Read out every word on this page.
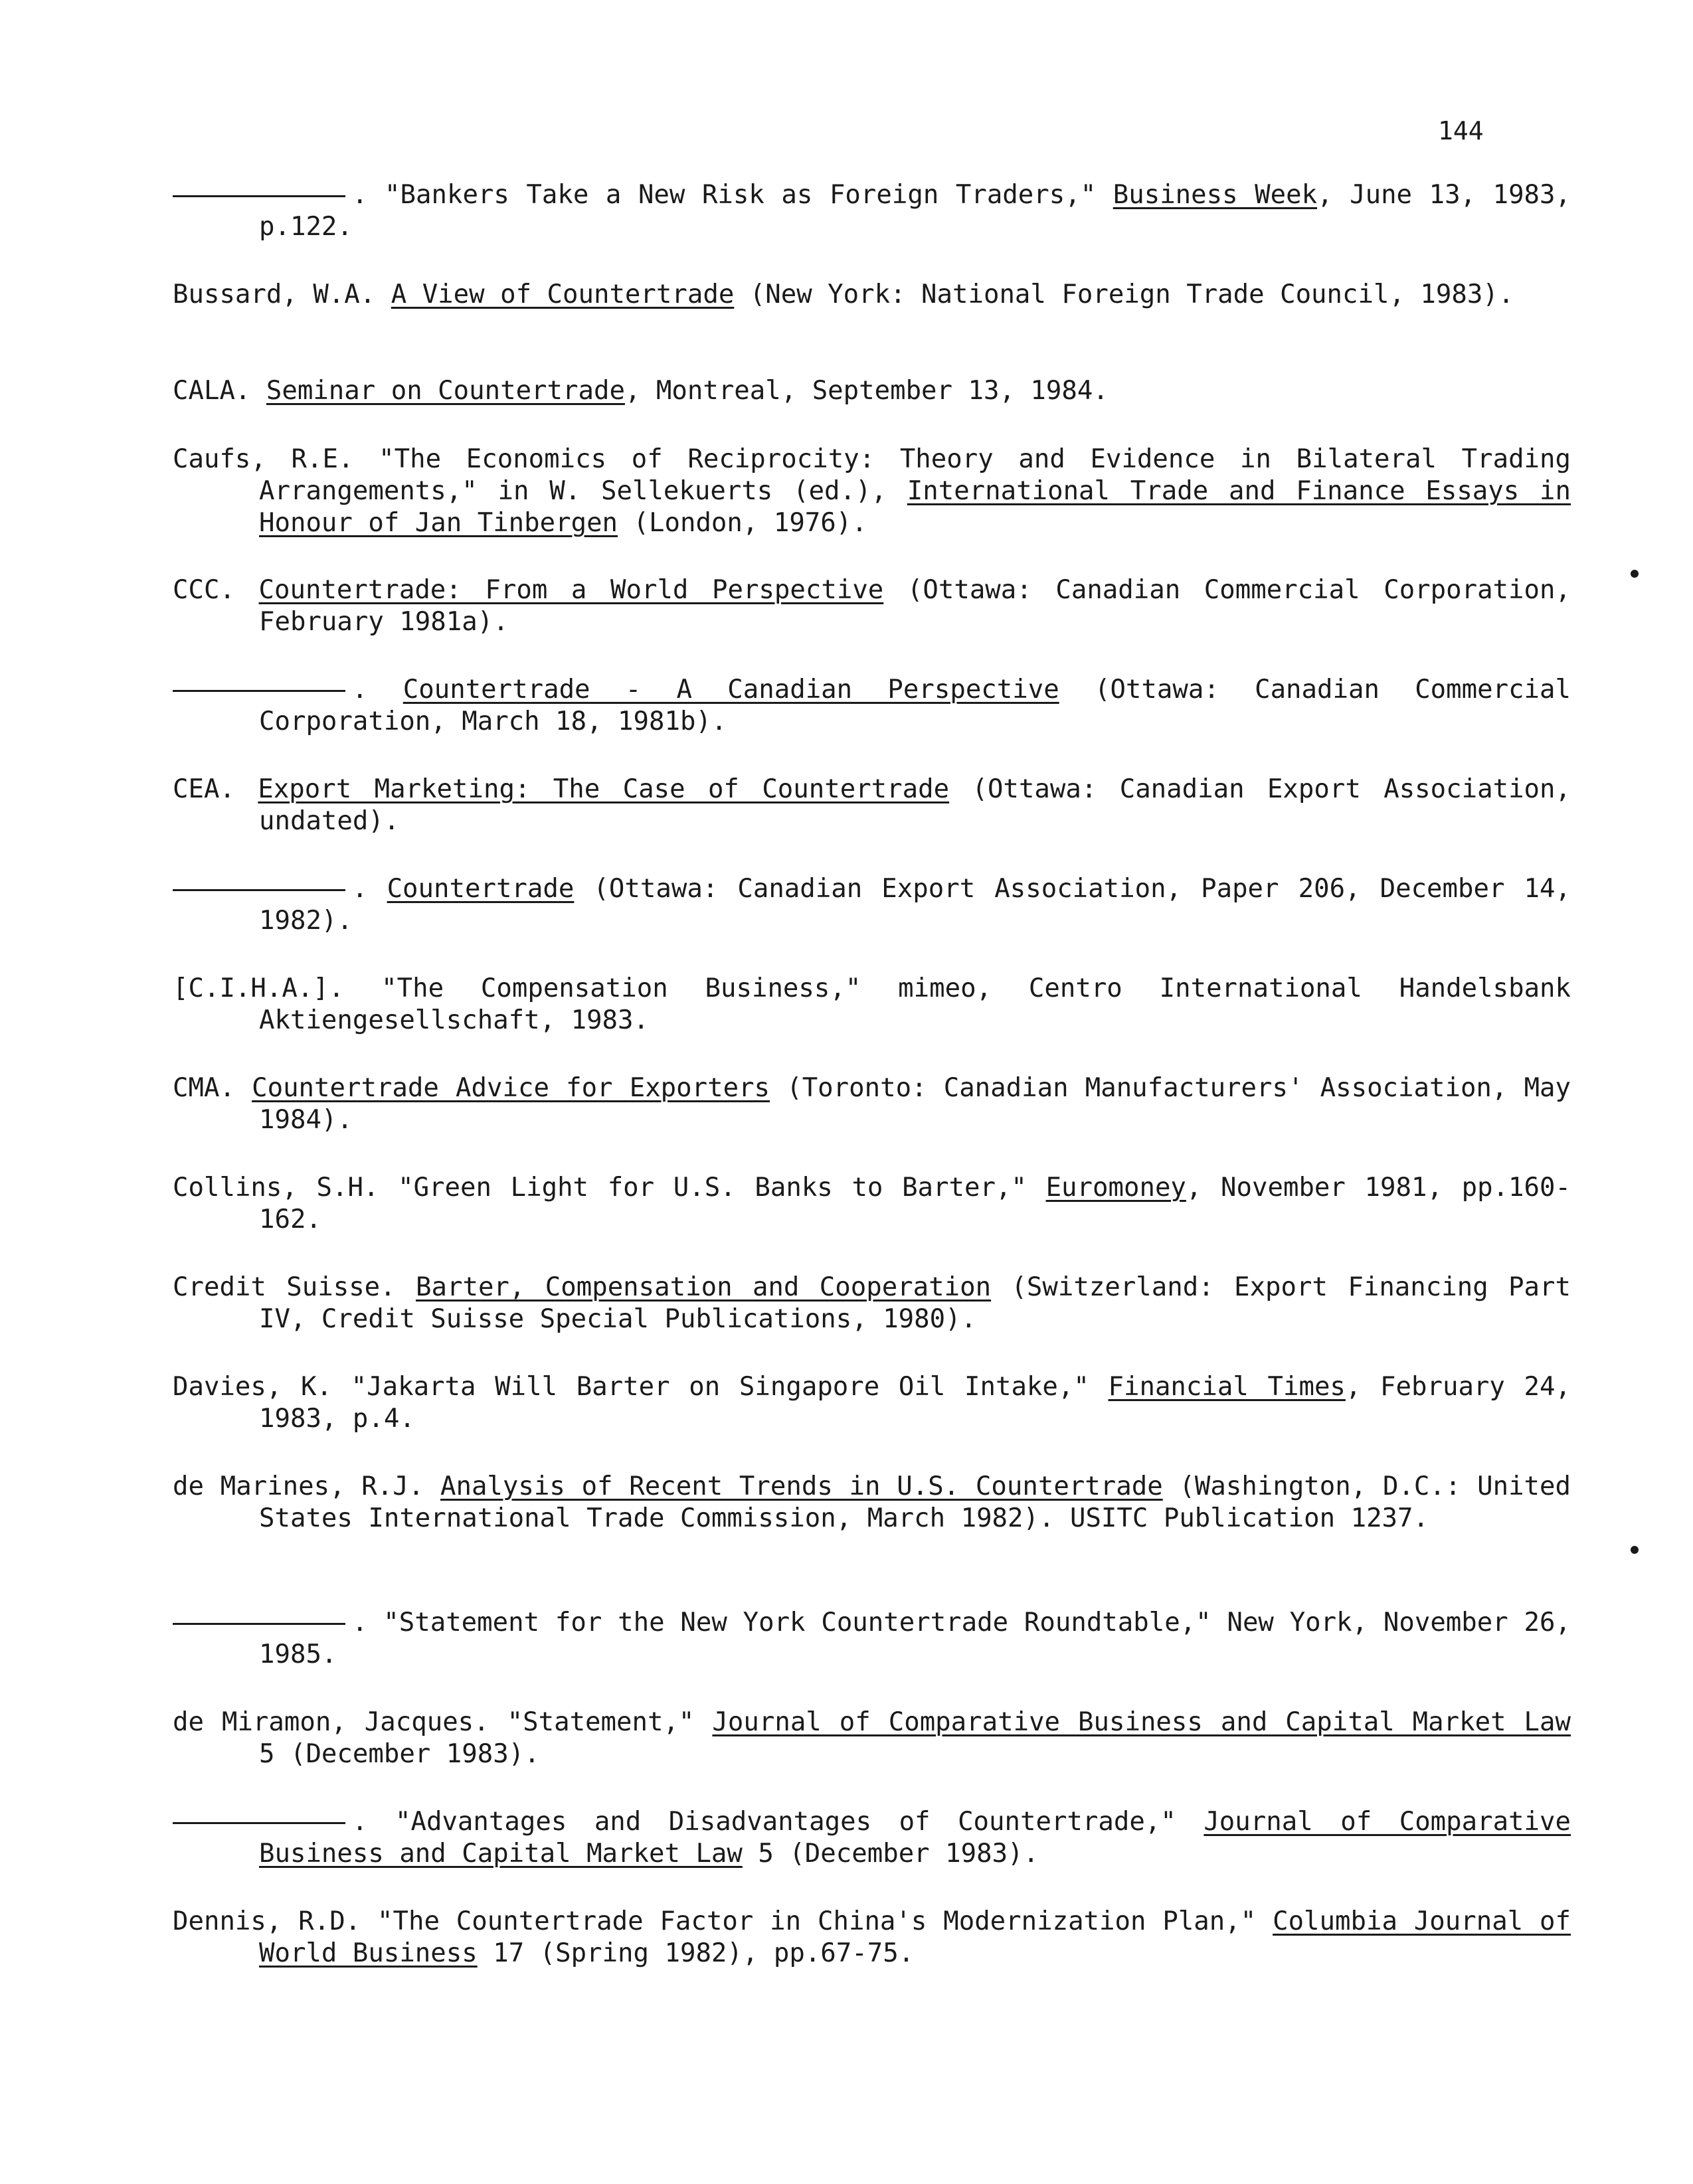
144
. "Bankers Take a New Risk as Foreign Traders," Business Week, June 13, 1983, p.122.
Bussard, W.A. A View of Countertrade (New York: National Foreign Trade Council, 1983).
CALA. Seminar on Countertrade, Montreal, September 13, 1984.
Caufs, R.E. "The Economics of Reciprocity: Theory and Evidence in Bilateral Trading Arrangements," in W. Sellekuerts (ed.), International Trade and Finance Essays in Honour of Jan Tinbergen (London, 1976).
CCC. Countertrade: From a World Perspective (Ottawa: Canadian Commercial Corporation, February 1981a).
. Countertrade - A Canadian Perspective (Ottawa: Canadian Commercial Corporation, March 18, 1981b).
CEA. Export Marketing: The Case of Countertrade (Ottawa: Canadian Export Association, undated).
. Countertrade (Ottawa: Canadian Export Association, Paper 206, December 14, 1982).
[C.I.H.A.]. "The Compensation Business," mimeo, Centro International Handelsbank Aktiengesellschaft, 1983.
CMA. Countertrade Advice for Exporters (Toronto: Canadian Manufacturers' Association, May 1984).
Collins, S.H. "Green Light for U.S. Banks to Barter," Euromoney, November 1981, pp.160-162.
Credit Suisse. Barter, Compensation and Cooperation (Switzerland: Export Financing Part IV, Credit Suisse Special Publications, 1980).
Davies, K. "Jakarta Will Barter on Singapore Oil Intake," Financial Times, February 24, 1983, p.4.
de Marines, R.J. Analysis of Recent Trends in U.S. Countertrade (Washington, D.C.: United States International Trade Commission, March 1982). USITC Publication 1237.
. "Statement for the New York Countertrade Roundtable," New York, November 26, 1985.
de Miramon, Jacques. "Statement," Journal of Comparative Business and Capital Market Law 5 (December 1983).
. "Advantages and Disadvantages of Countertrade," Journal of Comparative Business and Capital Market Law 5 (December 1983).
Dennis, R.D. "The Countertrade Factor in China's Modernization Plan," Columbia Journal of World Business 17 (Spring 1982), pp.67-75.
